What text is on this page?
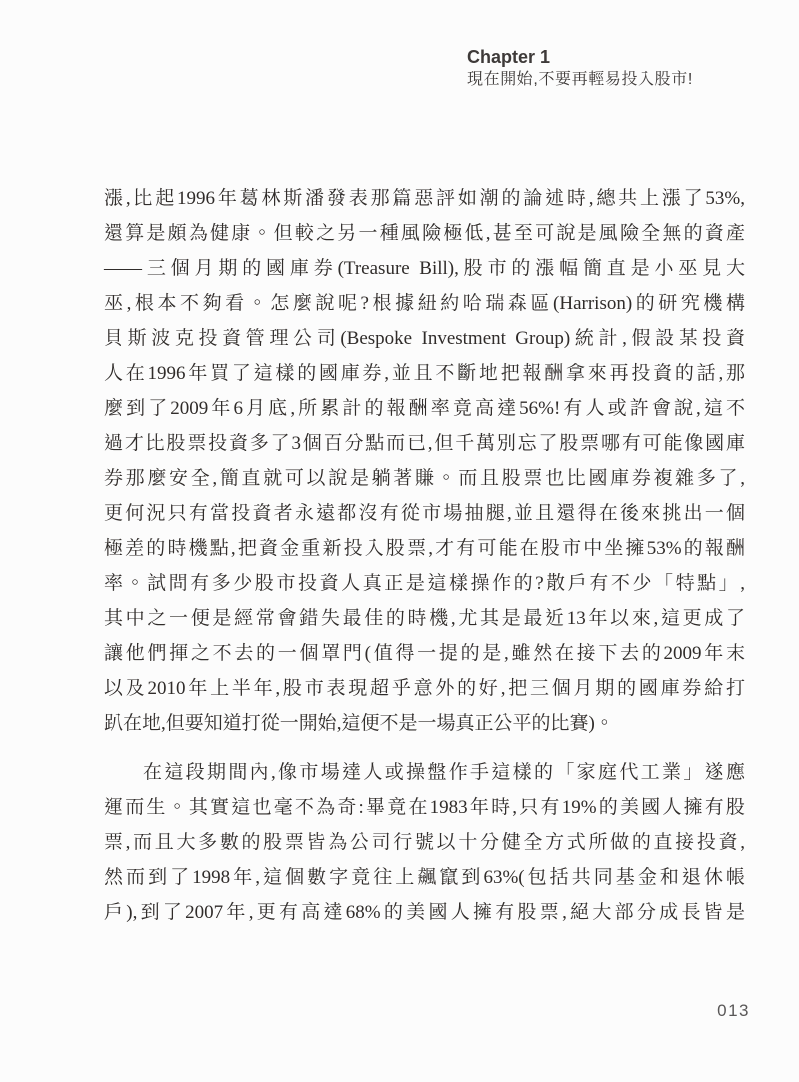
Chapter 1
現在開始,不要再輕易投入股市!
漲,比起1996年葛林斯潘發表那篇惡評如潮的論述時,總共上漲了53%,
還算是頗為健康。但較之另一種風險極低,甚至可說是風險全無的資產
——三個月期的國庫券(Treasure Bill),股市的漲幅簡直是小巫見大
巫,根本不夠看。怎麼說呢?根據紐約哈瑞森區(Harrison)的研究機構
貝斯波克投資管理公司(Bespoke Investment Group)統計,假設某投資
人在1996年買了這樣的國庫券,並且不斷地把報酬拿來再投資的話,那
麼到了2009年6月底,所累計的報酬率竟高達56%!有人或許會說,這不
過才比股票投資多了3個百分點而已,但千萬別忘了股票哪有可能像國庫
券那麼安全,簡直就可以說是躺著賺。而且股票也比國庫券複雜多了,
更何況只有當投資者永遠都沒有從市場抽腿,並且還得在後來挑出一個
極差的時機點,把資金重新投入股票,才有可能在股市中坐擁53%的報酬
率。試問有多少股市投資人真正是這樣操作的?散戶有不少「特點」,
其中之一便是經常會錯失最佳的時機,尤其是最近13年以來,這更成了
讓他們揮之不去的一個罩門(值得一提的是,雖然在接下去的2009年末
以及2010年上半年,股市表現超乎意外的好,把三個月期的國庫券給打
趴在地,但要知道打從一開始,這便不是一場真正公平的比賽)。
在這段期間內,像市場達人或操盤作手這樣的「家庭代工業」遂應
運而生。其實這也毫不為奇:畢竟在1983年時,只有19%的美國人擁有股
票,而且大多數的股票皆為公司行號以十分健全方式所做的直接投資,
然而到了1998年,這個數字竟往上飆竄到63%(包括共同基金和退休帳
戶),到了2007年,更有高達68%的美國人擁有股票,絕大部分成長皆是
013
